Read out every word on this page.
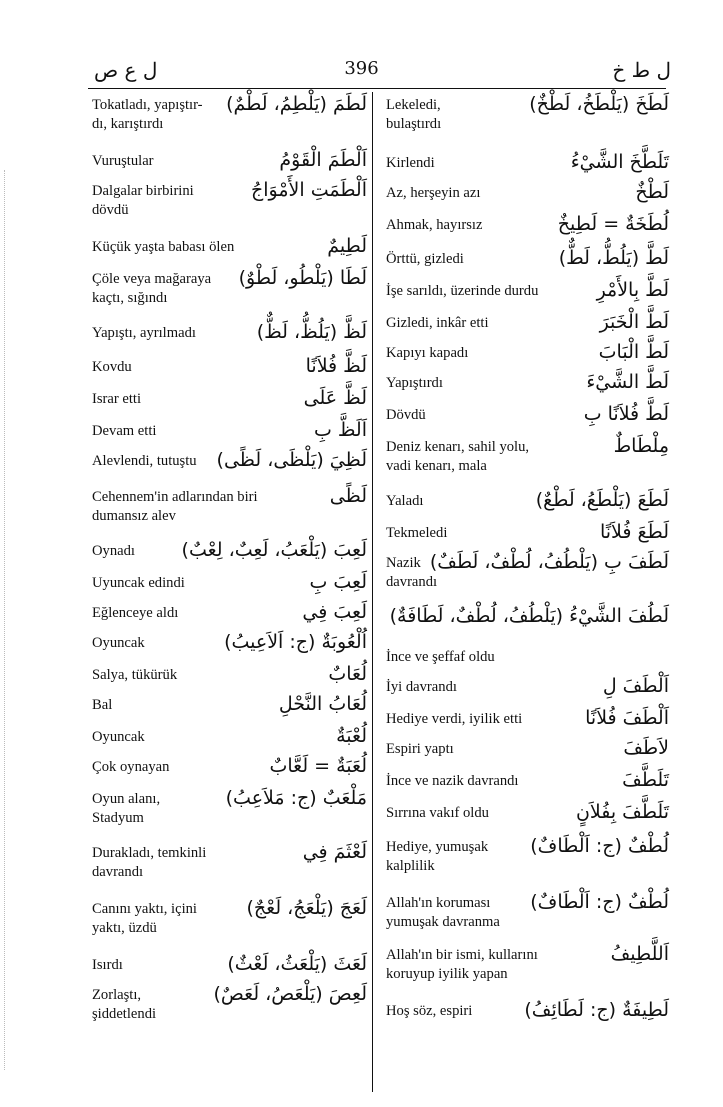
ل ع ص	396	ل ط خ
Tokatladı, yapıştır-
dı, karıştırdı
لَطَمَ (يَلْطِمُ، لَطْمٌ)
Vuruştular	اَلْطَمَ الْقَوْمُ
Dalgalar birbirini
dövdü
اَلْطَمَتِ الأَمْوَاجُ
Küçük yaşta babası ölen	لَطِيمٌ
Çöle veya mağaraya
kaçtı, sığındı
لَطَا (يَلْطُو، لَطْوٌ)
Yapıştı, ayrılmadı	لَظَّ (يَلُظُّ، لَظٌّ)
Kovdu	لَظَّ فُلاَنًا
Israr etti	لَظَّ عَلَى
Devam etti	اَلَظَّ بِ
Alevlendi, tutuştu لَظِيَ (يَلْظَى، لَظًى)
Cehennem'in adlarından biri
dumansız alev
لَظًى
Oynadı لَعِبَ (يَلْعَبُ، لَعِبٌ، لِعْبٌ)
Uyuncak edindi	لَعِبَ بِ
Eğlenceye aldı	لَعِبَ فِي
Oyuncak	اُلْعُوبَةٌ (ج: اَلاَعِيبُ)
Salya, tükürük	لُعَابٌ
Bal	لُعَابُ النَّحْلِ
Oyuncak	لُعْبَةٌ
Çok oynayan	لُعَبَةٌ = لَعَّابٌ
Oyun alanı,
Stadyum
مَلْعَبٌ (ج: مَلاَعِبُ)
Durakladı, temkinli
davrandı
لَعْثَمَ فِي
Canını yaktı, içini
yaktı, üzdü
لَعَجَ (يَلْعَجُ، لَعْجٌ)
Isırdı	لَعَثَ (يَلْعَثُ، لَعْثٌ)
Zorlaştı,
şiddetlendi
لَعِصَ (يَلْعَصُ، لَعَصٌ)
Lekeledi,
bulaştırdı
لَطَخَ (يَلْطَخُ، لَطْخٌ)
Kirlendi	تَلَطَّخَ الشَّيْءُ
Az, herşeyin azı	لَطْخٌ
Ahmak, hayırsız	لُطَخَةٌ = لَطِيخٌ
Örttü, gizledi	لَطَّ (يَلُطُّ، لَطٌّ)
İşe sarıldı, üzerinde durdu	لَطَّ بِالأَمْرِ
Gizledi, inkâr etti	لَطَّ الْخَبَرَ
Kapıyı kapadı	لَطَّ الْبَابَ
Yapıştırdı	لَطَّ الشَّيْءَ
Dövdü	لَطَّ فُلاَنًا بِ
Deniz kenarı, sahil yolu,
vadi kenarı, mala
مِلْطَاطٌ
Yaladı	لَطَعَ (يَلْطَعُ، لَطْعٌ)
Tekmeledi	لَطَعَ فُلاَنًا
Nazik
davrandı
لَطَفَ بِ (يَلْطُفُ، لُطْفٌ، لَطَفٌ)
لَطُفَ الشَّيْءُ (يَلْطُفُ، لُطْفٌ، لَطَافَةٌ)
İnce ve şeffaf oldu
İyi davrandı	اَلْطَفَ لِ
Hediye verdi, iyilik etti	اَلْطَفَ فُلاَنًا
Espiri yaptı	لاَطَفَ
İnce ve nazik davrandı	تَلَطَّفَ
Sırrına vakıf oldu	تَلَطَّفَ بِفُلاَنٍ
Hediye, yumuşak
kalplilik
لُطْفٌ (ج: اَلْطَافٌ)
Allah'ın koruması
yumuşak davranma
لُطْفٌ (ج: اَلْطَافٌ)
Allah'ın bir ismi, kullarını
koruyup iyilik yapan
اَللَّطِيفُ
Hoş söz, espiri	لَطِيفَةٌ (ج: لَطَائِفُ)
